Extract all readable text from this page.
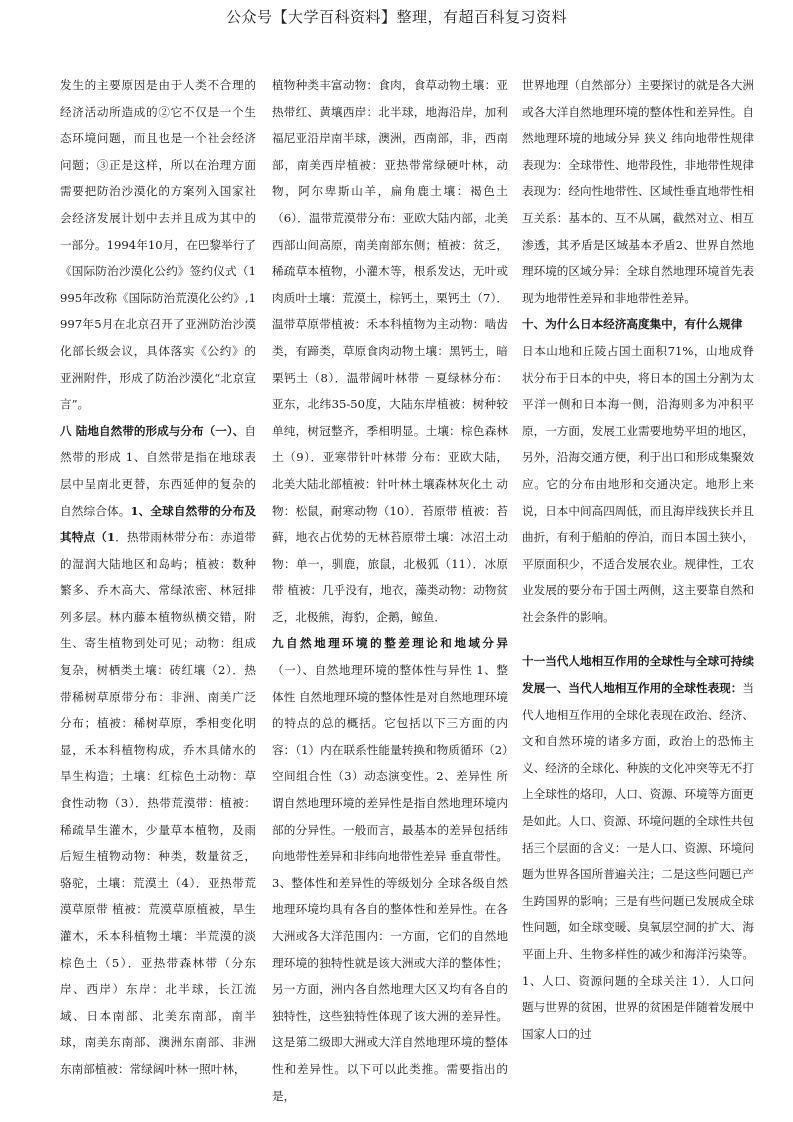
公众号【大学百科资料】整理，有超百科复习资料

发生的主要原因是由于人类不合理的经济活动所造成的②它不仅是一个生态环境问题，而且也是一个社会经济问题；③正是这样，所以在治理方面需要把防治沙漠化的方案列入国家社会经济发展计划中去并且成为其中的一部分。1994年10月，在巴黎举行了《国际防治沙漠化公约》签约仪式（1995年改称《国际防治荒漠化公约》,1997年5月在北京召开了亚洲防治沙漠化部长级会议，具体落实《公约》的亚洲附件，形成了防治沙漠化“北京宣言”。

八 陆地自然带的形成与分布（一）、自然带的形成 1、自然带是指在地球表层中呈南北更替，东西延伸的复杂的自然综合体。1、全球自然带的分布及其特点（1．热带雨林带分布：赤道带的湿润大陆地区和岛屿；植被：数种繁多、乔木高大、常绿浓密、林冠排列多层。林内藤本植物纵横交错，附生、寄生植物到处可见；动物：组成复杂，树栖类土壤：砖红壤（2）．热带稀树草原带分布：非洲、南美广泛分布；植被：稀树草原，季相变化明显，禾本科植物构成，乔木具储水的旱生构造；土壤：红棕色土动物：草食性动物（3）．热带荒漠带：植被：稀疏旱生灌木，少量草本植物，及雨后短生植物动物：种类，数量贫乏，骆驼，土壤：荒漠土（4）．亚热带荒漠草原带 植被：荒漠草原植被，旱生灌木，禾本科植物土壤：半荒漠的淡棕色土（5）．亚热带森林带（分东岸、西岸）东岸：北半球，长江流域、日本南部、北美东南部，南半球，南美东南部、澳洲东南部、非洲东南部植被：常绿阔叶林一照叶林，

植物种类丰富动物：食肉，食草动物土壤：亚热带红、黄壤西岸：北半球，地海沿岸，加利福尼亚沿岸南半球，澳洲，西南部，非，西南部，南美西岸植被：亚热带常绿硬叶林，动物，阿尔卑斯山羊，扁角鹿土壤：褐色土（6）．温带荒漠带分布：亚欧大陆内部，北美西部山间高原，南美南部东侧；植被：贫乏，稀疏草本植物，小灌木等，根系发达，无叶或肉质叶土壤：荒漠土，棕钙土，栗钙土（7）．温带草原带植被：禾本科植物为主动物：啮齿类，有蹄类，草原食肉动物土壤：黑钙土，暗栗钙土（8）．温带阔叶林带 －夏绿林分布：亚东，北纬35-50度，大陆东岸植被：树种较单纯，树冠整齐，季相明显。土壤：棕色森林土（9）．亚寒带针叶林带 分布：亚欧大陆，北美大陆北部植被：针叶林土壤森林灰化土 动物：松鼠，耐寒动物（10）．苔原带 植被：苔藓，地衣占优势的无林苔原带土壤：冰沼土动物：单一，驯鹿，旅鼠，北极狐（11）．冰原带 植被：几乎没有，地衣，藻类动物：动物贫乏，北极熊，海豹，企鹅，鲸鱼．

九自然地理环境的整差理论和地域分异（一）、自然地理环境的整体性与异性 1、整体性 自然地理环境的整体性是对自然地理环境的特点的总的概括。它包括以下三方面的内容：（1）内在联系性能量转换和物质循环（2）空间组合性（3）动态演变性。2、差异性 所谓自然地理环境的差异性是指自然地理环境内部的分异性。一般而言，最基本的差异包括纬向地带性差异和非纬向地带性差异 垂直带性。3、整体性和差异性的等级划分 全球各级自然地理环境均具有各自的整体性和差异性。在各大洲或各大洋范围内：一方面，它们的自然地理环境的独特性就是该大洲或大洋的整体性；另一方面，洲内各自然地理大区又均有各自的独特性，这些独特性体现了该大洲的差异性。这是第二级即大洲或大洋自然地理环境的整体性和差异性。以下可以此类推。需要指出的是，

世界地理（自然部分）主要探讨的就是各大洲或各大洋自然地理环境的整体性和差异性。自然地理环境的地域分异 狭义 纬向地带性规律表现为：全球带性、地带段性，非地带性规律表现为：经向性地带性、区域性垂直地带性相互关系：基本的、互不从属，截然对立、相互渗透，其矛盾是区域基本矛盾2、世界自然地理环境的区域分异：全球自然地理环境首先表现为地带性差异和非地带性差异。

十、为什么日本经济高度集中，有什么规律
日本山地和丘陵占国土面积71%，山地成脊状分布于日本的中央，将日本的国土分割为太平洋一侧和日本海一侧，沿海则多为冲积平原，一方面，发展工业需要地势平坦的地区，另外，沿海交通方便，利于出口和形成集聚效应。它的分布由地形和交通决定。地形上来说，日本中间高四周低，而且海岸线狭长并且曲折，有利于船舶的停泊，而日本国土狭小，平原面积少，不适合发展农业。规律性，工农业发展的要分布于国土两侧，这主要靠自然和社会条件的影响。

十一当代人地相互作用的全球性与全球可持续发展一、当代人地相互作用的全球性表现：当代人地相互作用的全球化表现在政治、经济、文和自然环境的诸多方面，政治上的恐怖主义、经济的全球化、种族的文化冲突等无不打上全球性的烙印，人口、资源、环境等方面更是如此。人口、资源、环境问题的全球性共包括三个层面的含义：一是人口、资源、环境问题为世界各国所普遍关注；二是这些问题已产生跨国界的影响；三是有些问题已发展成全球性问题，如全球变暖、臭氧层空洞的扩大、海平面上升、生物多样性的减少和海洋污染等。1、人口、资源问题的全球关注 1）．人口问题与世界的贫困，世界的贫困是伴随着发展中国家人口的过
